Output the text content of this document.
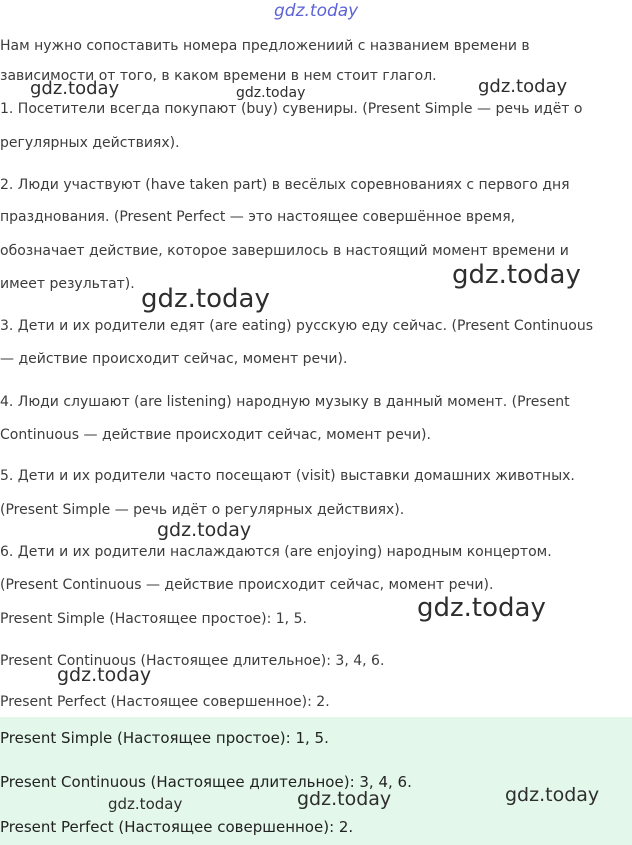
gdz.today
Нам нужно сопоставить номера предложениий с названием времени в
зависимости от того, в каком времени в нем стоит глагол.
1. Посетители всегда покупают (buy) сувениры. (Present Simple — речь идёт о
регулярных действиях).
2. Люди участвуют (have taken part) в весёлых соревнованиях с первого дня
празднования. (Present Perfect — это настоящее совершённое время,
обозначает действие, которое завершилось в настоящий момент времени и
имеет результат).
3. Дети и их родители едят (are eating) русскую еду сейчас. (Present Continuous
— действие происходит сейчас, момент речи).
4. Люди слушают (are listening) народную музыку в данный момент. (Present
Continuous — действие происходит сейчас, момент речи).
5. Дети и их родители часто посещают (visit) выставки домашних животных.
(Present Simple — речь идёт о регулярных действиях).
6. Дети и их родители наслаждаются (are enjoying) народным концертом.
(Present Continuous — действие происходит сейчас, момент речи).
Present Simple (Настоящее простое): 1, 5.
Present Continuous (Настоящее длительное): 3, 4, 6.
Present Perfect (Настоящее совершенное): 2.
Present Simple (Настоящее простое): 1, 5.
Present Continuous (Настоящее длительное): 3, 4, 6.
Present Perfect (Настоящее совершенное): 2.
gdz.today	gdz.today	gdz.today
gdz.today
gdz.today
gdz.today
gdz.today
gdz.today
gdz.today
gdz.today
gdz.today
